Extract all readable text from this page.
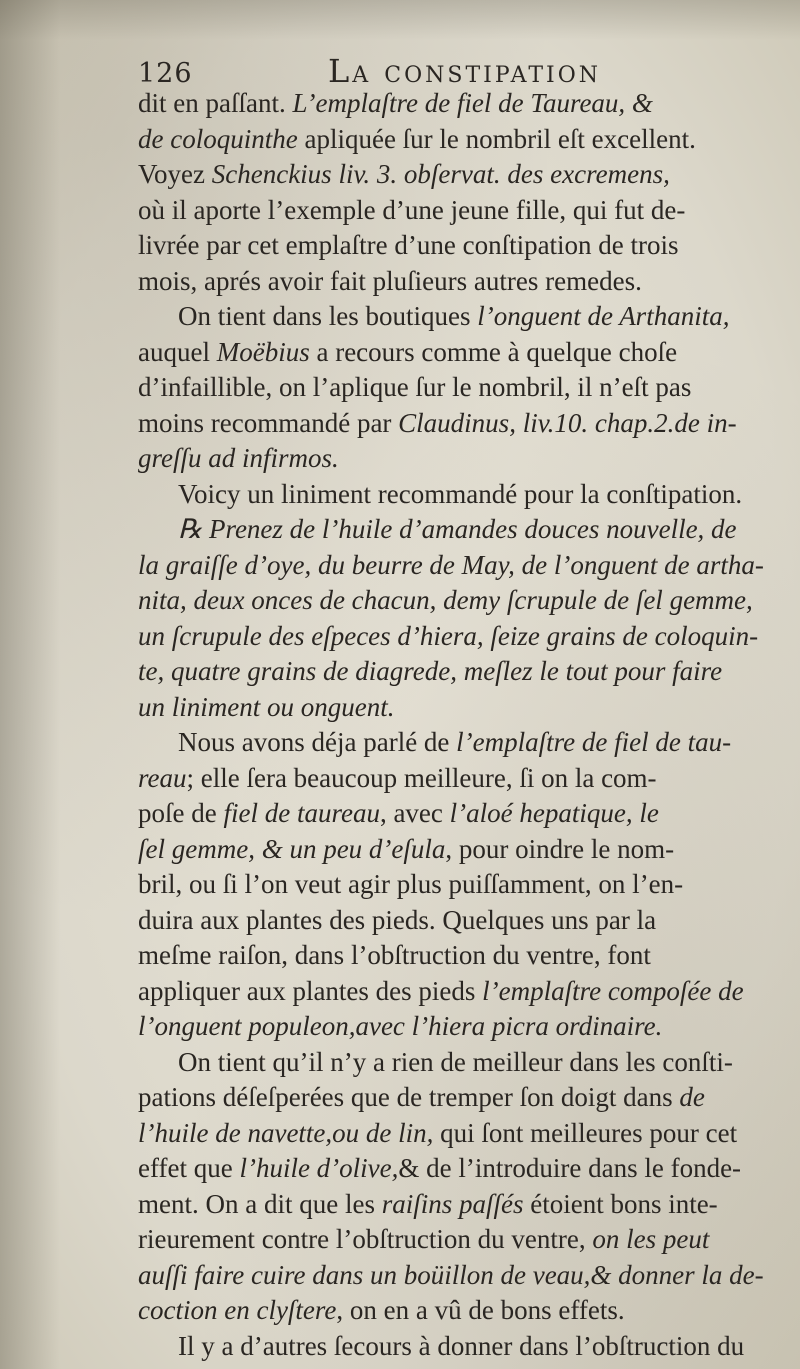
126	La constipation
dit en paſſant. L’emplaſtre de fiel de Taureau, &
de coloquinthe apliquée ſur le nombril eſt excellent.
Voyez Schenckius liv. 3. obſervat. des excremens,
où il aporte l’exemple d’une jeune fille, qui fut de-
livrée par cet emplaſtre d’une conſtipation de trois
mois, aprés avoir fait pluſieurs autres remedes.
On tient dans les boutiques l’onguent de Arthanita,
auquel Moëbius a recours comme à quelque choſe
d’infaillible, on l’aplique ſur le nombril, il n’eſt pas
moins recommandé par Claudinus, liv.10. chap.2.de in-
greſſu ad infirmos.
Voicy un liniment recommandé pour la conſtipation.
℞ Prenez de l’huile d’amandes douces nouvelle, de
la graiſſe d’oye, du beurre de May, de l’onguent de artha-
nita, deux onces de chacun, demy ſcrupule de ſel gemme,
un ſcrupule des eſpeces d’hiera, ſeize grains de coloquin-
te, quatre grains de diagrede, meſlez le tout pour faire
un liniment ou onguent.
Nous avons déja parlé de l’emplaſtre de fiel de tau-
reau; elle ſera beaucoup meilleure, ſi on la com-
poſe de fiel de taureau, avec l’aloé hepatique, le
ſel gemme, & un peu d’eſula, pour oindre le nom-
bril, ou ſi l’on veut agir plus puiſſamment, on l’en-
duira aux plantes des pieds. Quelques uns par la
meſme raiſon, dans l’obſtruction du ventre, font
appliquer aux plantes des pieds l’emplaſtre compoſée de
l’onguent populeon,avec l’hiera picra ordinaire.
On tient qu’il n’y a rien de meilleur dans les conſti-
pations déſeſperées que de tremper ſon doigt dans de
l’huile de navette,ou de lin, qui ſont meilleures pour cet
effet que l’huile d’olive,& de l’introduire dans le fonde-
ment. On a dit que les raiſins paſſés étoient bons inte-
rieurement contre l’obſtruction du ventre, on les peut
auſſi faire cuire dans un boüillon de veau,& donner la de-
coction en clyſtere, on en a vû de bons effets.
Il y a d’autres ſecours à donner dans l’obſtruction du
